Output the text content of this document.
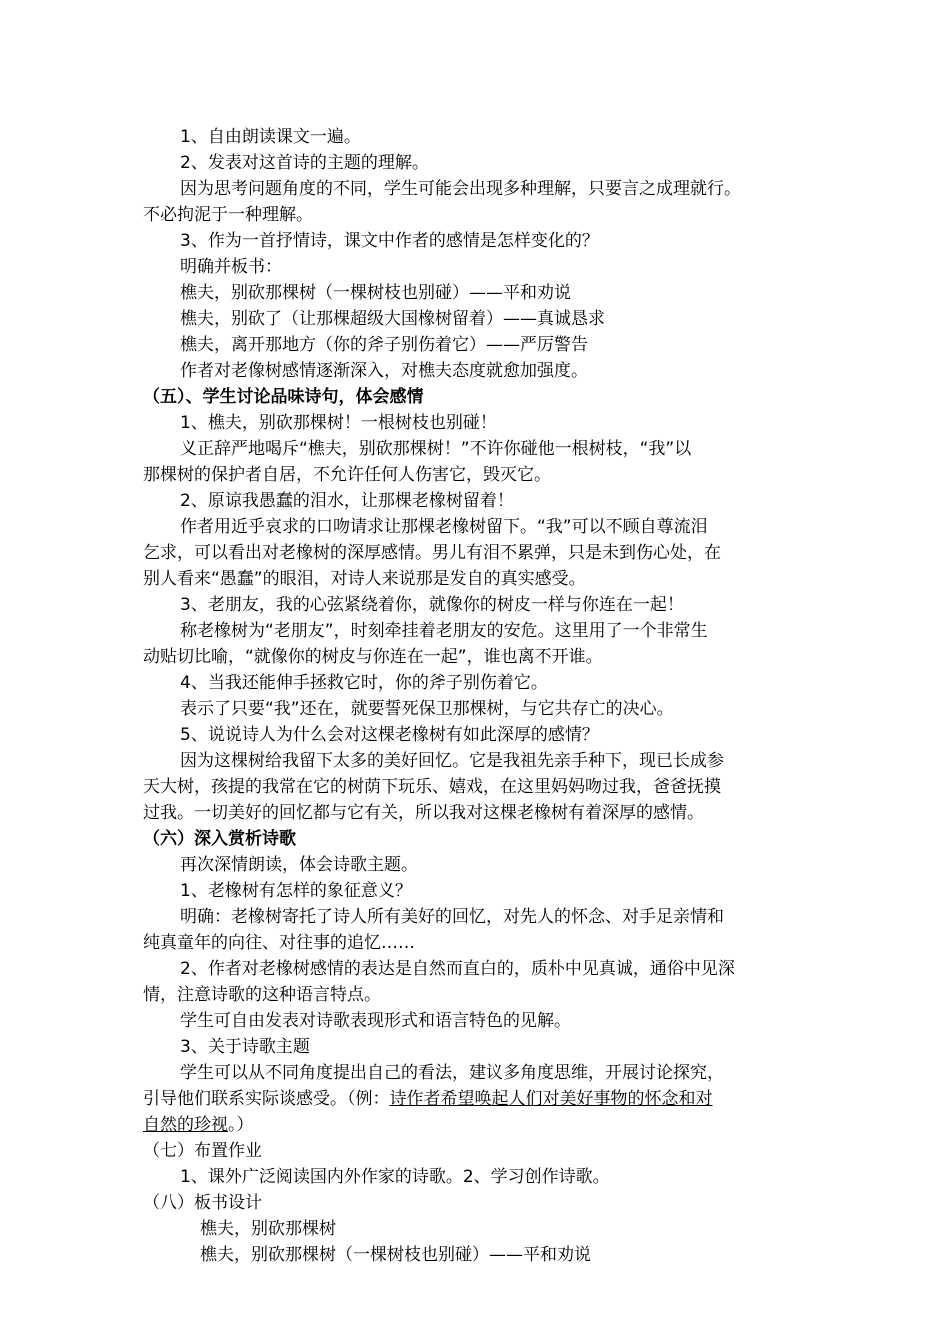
1、自由朗读课文一遍。
2、发表对这首诗的主题的理解。
因为思考问题角度的不同，学生可能会出现多种理解，只要言之成理就行。
不必拘泥于一种理解。
3、作为一首抒情诗，课文中作者的感情是怎样变化的？
明确并板书：
樵夫，别砍那棵树（一棵树枝也别碰）——平和劝说
樵夫，别砍了（让那棵超级大国橡树留着）——真诚恳求
樵夫，离开那地方（你的斧子别伤着它）——严厉警告
作者对老像树感情逐渐深入，对樵夫态度就愈加强度。
（五）、学生讨论品味诗句，体会感情
1、樵夫，别砍那棵树！一根树枝也别碰！
义正辞严地喝斥“樵夫，别砍那棵树！”不许你碰他一根树枝，“我”以
那棵树的保护者自居，不允许任何人伤害它，毁灭它。
2、原谅我愚蠢的泪水，让那棵老橡树留着！
作者用近乎哀求的口吻请求让那棵老橡树留下。“我”可以不顾自尊流泪
乞求，可以看出对老橡树的深厚感情。男儿有泪不累弹，只是未到伤心处，在
别人看来“愚蠢”的眼泪，对诗人来说那是发自的真实感受。
3、老朋友，我的心弦紧绕着你，就像你的树皮一样与你连在一起！
称老橡树为“老朋友”，时刻牵挂着老朋友的安危。这里用了一个非常生
动贴切比喻，“就像你的树皮与你连在一起”，谁也离不开谁。
4、当我还能伸手拯救它时，你的斧子别伤着它。
表示了只要“我”还在，就要誓死保卫那棵树，与它共存亡的决心。
5、说说诗人为什么会对这棵老橡树有如此深厚的感情？
因为这棵树给我留下太多的美好回忆。它是我祖先亲手种下，现已长成参
天大树，孩提的我常在它的树荫下玩乐、嬉戏，在这里妈妈吻过我，爸爸抚摸
过我。一切美好的回忆都与它有关，所以我对这棵老橡树有着深厚的感情。
（六）深入赏析诗歌
再次深情朗读，体会诗歌主题。
1、老橡树有怎样的象征意义？
明确：老橡树寄托了诗人所有美好的回忆，对先人的怀念、对手足亲情和
纯真童年的向往、对往事的追忆……
2、作者对老橡树感情的表达是自然而直白的，质朴中见真诚，通俗中见深
情，注意诗歌的这种语言特点。
学生可自由发表对诗歌表现形式和语言特色的见解。
3、关于诗歌主题
学生可以从不同角度提出自己的看法，建议多角度思维，开展讨论探究，
引导他们联系实际谈感受。（例：诗作者希望唤起人们对美好事物的怀念和对
自然的珍视。）
（七）布置作业
1、课外广泛阅读国内外作家的诗歌。2、学习创作诗歌。
（八）板书设计
樵夫，别砍那棵树
樵夫，别砍那棵树（一棵树枝也别碰）——平和劝说
